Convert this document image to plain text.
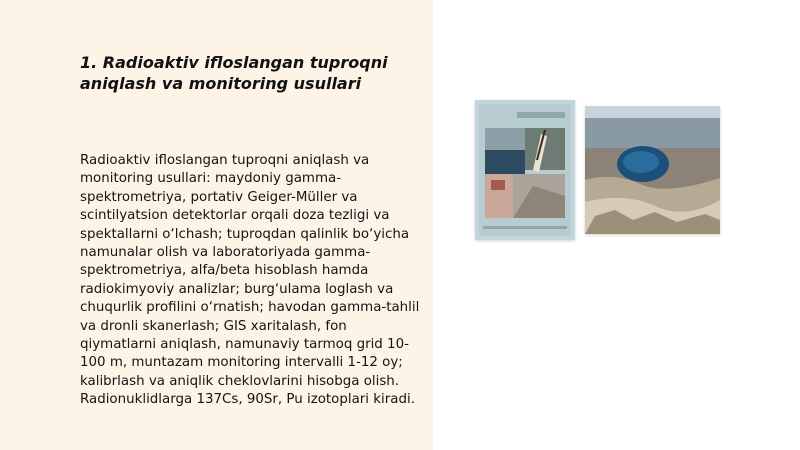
1. Radioaktiv ifloslangan tuproqni
aniqlash va monitoring usullari

Radioaktiv ifloslangan tuproqni aniqlash va monitoring usullari: maydoniy gamma-spektrometriya, portativ Geiger-Müller va scintilyatsion detektorlar orqali doza tezligi va spektallarni o‘lchash; tuproqdan qalinlik bo‘yicha namunalar olish va laboratoriyada gamma-spektrometriya, alfa/beta hisoblash hamda radiokimyoviy analizlar; burg‘ulama loglash va chuqurlik profilini o‘rnatish; havodan gamma-tahlil va dronli skanerlash; GIS xaritalash, fon qiymatlarni aniqlash, namunaviy tarmoq grid 10-100 m, muntazam monitoring intervalli 1-12 oy; kalibrlash va aniqlik cheklovlarini hisobga olish. Radionuklidlarga 137Cs, 90Sr, Pu izotoplari kiradi.
